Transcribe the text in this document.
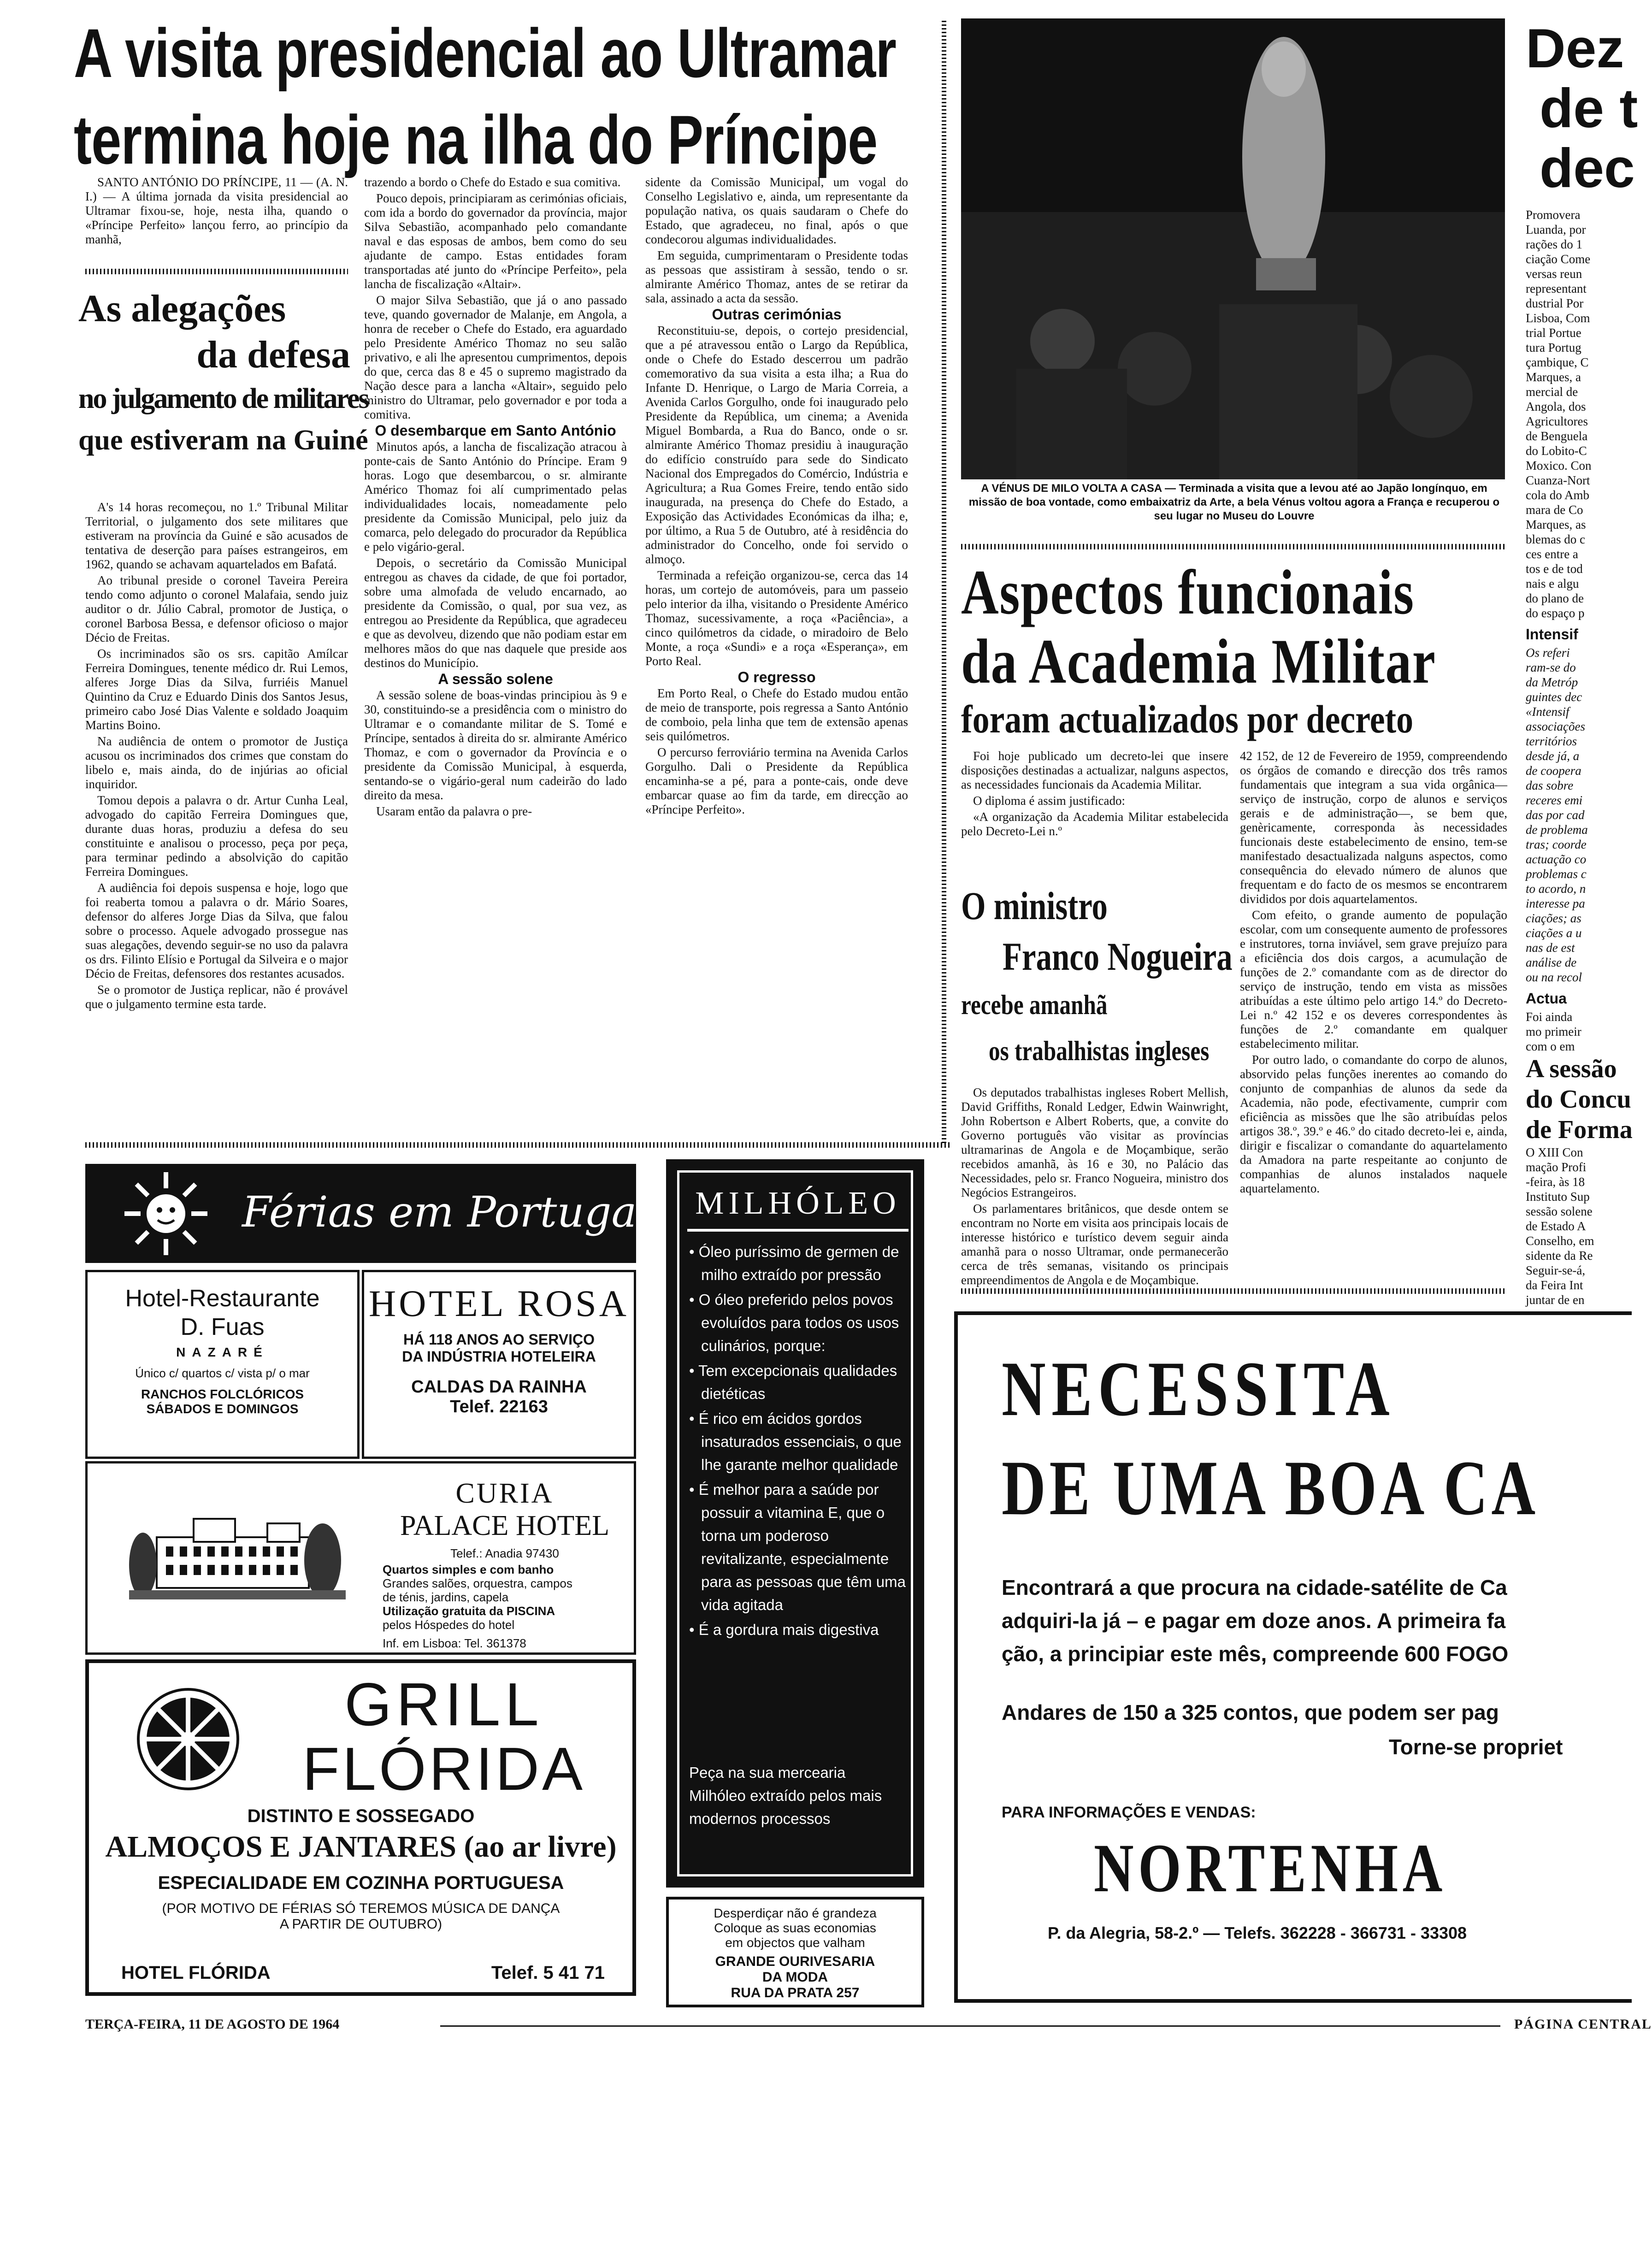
A visita presidencial ao Ultramar
termina hoje na ilha do Príncipe

SANTO ANTÓNIO DO PRÍNCIPE, 11 — (A. N. I.) — A última jornada da visita presidencial ao Ultramar fixou-se, hoje, nesta ilha, quando o «Príncipe Perfeito» lançou ferro, ao princípio da manhã,

trazendo a bordo o Chefe do Estado e sua comitiva.

Pouco depois, principiaram as cerimónias oficiais, com ida a bordo do governador da província, major Silva Sebastião, acompanhado pelo comandante naval e das esposas de ambos, bem como do seu ajudante de campo. Estas entidades foram transportadas até junto do «Príncipe Perfeito», pela lancha de fiscalização «Altair».

O major Silva Sebastião, que já o ano passado teve, quando governador de Malanje, em Angola, a honra de receber o Chefe do Estado, era aguardado pelo Presidente Américo Thomaz no seu salão privativo, e ali lhe apresentou cumprimentos, depois do que, cerca das 8 e 45 o supremo magistrado da Nação desce para a lancha «Altair», seguido pelo ministro do Ultramar, pelo governador e por toda a comitiva.

O desembarque em Santo António

Minutos após, a lancha de fiscalização atracou à ponte-cais de Santo António do Príncipe. Eram 9 horas. Logo que desembarcou, o sr. almirante Américo Thomaz foi alí cumprimentado pelas individualidades locais, nomeadamente pelo presidente da Comissão Municipal, pelo juiz da comarca, pelo delegado do procurador da República e pelo vigário-geral.

Depois, o secretário da Comissão Municipal entregou as chaves da cidade, de que foi portador, sobre uma almofada de veludo encarnado, ao presidente da Comissão, o qual, por sua vez, as entregou ao Presidente da República, que agradeceu e que as devolveu, dizendo que não podiam estar em melhores mãos do que nas daquele que preside aos destinos do Município.

A sessão solene

A sessão solene de boas-vindas principiou às 9 e 30, constituindo-se a presidência com o ministro do Ultramar e o comandante militar de S. Tomé e Príncipe, sentados à direita do sr. almirante Américo Thomaz, e com o governador da Província e o presidente da Comissão Municipal, à esquerda, sentando-se o vigário-geral num cadeirão do lado direito da mesa.

Usaram então da palavra o pre-

sidente da Comissão Municipal, um vogal do Conselho Legislativo e, ainda, um representante da população nativa, os quais saudaram o Chefe do Estado, que agradeceu, no final, após o que condecorou algumas individualidades.

Em seguida, cumprimentaram o Presidente todas as pessoas que assistiram à sessão, tendo o sr. almirante Américo Thomaz, antes de se retirar da sala, assinado a acta da sessão.

Outras cerimónias

Reconstituiu-se, depois, o cortejo presidencial, que a pé atravessou então o Largo da República, onde o Chefe do Estado descerrou um padrão comemorativo da sua visita a esta ilha; a Rua do Infante D. Henrique, o Largo de Maria Correia, a Avenida Carlos Gorgulho, onde foi inaugurado pelo Presidente da República, um cinema; a Avenida Miguel Bombarda, a Rua do Banco, onde o sr. almirante Américo Thomaz presidiu à inauguração do edifício construído para sede do Sindicato Nacional dos Empregados do Comércio, Indústria e Agricultura; a Rua Gomes Freire, tendo então sido inaugurada, na presença do Chefe do Estado, a Exposição das Actividades Económicas da ilha; e, por último, a Rua 5 de Outubro, até à residência do administrador do Concelho, onde foi servido o almoço.

Terminada a refeição organizou-se, cerca das 14 horas, um cortejo de automóveis, para um passeio pelo interior da ilha, visitando o Presidente Américo Thomaz, sucessivamente, a roça «Paciência», a cinco quilómetros da cidade, o miradoiro de Belo Monte, a roça «Sundi» e a roça «Esperança», em Porto Real.

O regresso

Em Porto Real, o Chefe do Estado mudou então de meio de transporte, pois regressa a Santo António de comboio, pela linha que tem de extensão apenas seis quilómetros.

O percurso ferroviário termina na Avenida Carlos Gorgulho. Dali o Presidente da República encaminha-se a pé, para a ponte-cais, onde deve embarcar quase ao fim da tarde, em direcção ao «Príncipe Perfeito».

As alegações
da defesa
no julgamento de militares
que estiveram na Guiné

A's 14 horas recomeçou, no 1.º Tribunal Militar Territorial, o julgamento dos sete militares que estiveram na província da Guiné e são acusados de tentativa de deserção para países estrangeiros, em 1962, quando se achavam aquartelados em Bafatá.

Ao tribunal preside o coronel Taveira Pereira tendo como adjunto o coronel Malafaia, sendo juiz auditor o dr. Júlio Cabral, promotor de Justiça, o coronel Barbosa Bessa, e defensor oficioso o major Décio de Freitas.

Os incriminados são os srs. capitão Amílcar Ferreira Domingues, tenente médico dr. Rui Lemos, alferes Jorge Dias da Silva, furriéis Manuel Quintino da Cruz e Eduardo Dinis dos Santos Jesus, primeiro cabo José Dias Valente e soldado Joaquim Martins Boino.

Na audiência de ontem o promotor de Justiça acusou os incriminados dos crimes que constam do libelo e, mais ainda, do de injúrias ao oficial inquiridor.

Tomou depois a palavra o dr. Artur Cunha Leal, advogado do capitão Ferreira Domingues que, durante duas horas, produziu a defesa do seu constituinte e analisou o processo, peça por peça, para terminar pedindo a absolvição do capitão Ferreira Domingues.

A audiência foi depois suspensa e hoje, logo que foi reaberta tomou a palavra o dr. Mário Soares, defensor do alferes Jorge Dias da Silva, que falou sobre o processo. Aquele advogado prossegue nas suas alegações, devendo seguir-se no uso da palavra os drs. Filinto Elísio e Portugal da Silveira e o major Décio de Freitas, defensores dos restantes acusados.

Se o promotor de Justiça replicar, não é provável que o julgamento termine esta tarde.

A VÉNUS DE MILO VOLTA A CASA — Terminada a visita que a levou até ao Japão longínquo, em missão de boa vontade, como embaixatriz da Arte, a bela Vénus voltou agora a França e recuperou o seu lugar no Museu do Louvre
Aspectos funcionais
da Academia Militar
foram actualizados por decreto

Foi hoje publicado um decreto-lei que insere disposições destinadas a actualizar, nalguns aspectos, as necessidades funcionais da Academia Militar.

O diploma é assim justificado:

«A organização da Academia Militar estabelecida pelo Decreto-Lei n.º

42 152, de 12 de Fevereiro de 1959, compreendendo os órgãos de comando e direcção dos três ramos fundamentais que integram a sua vida orgânica—serviço de instrução, corpo de alunos e serviços gerais e de administração—, se bem que, genèricamente, corresponda às necessidades funcionais deste estabelecimento de ensino, tem-se manifestado desactualizada nalguns aspectos, como consequência do elevado número de alunos que frequentam e do facto de os mesmos se encontrarem divididos por dois aquartelamentos.

Com efeito, o grande aumento de população escolar, com um consequente aumento de professores e instrutores, torna inviável, sem grave prejuízo para a eficiência dos dois cargos, a acumulação de funções de 2.º comandante com as de director do serviço de instrução, tendo em vista as missões atribuídas a este último pelo artigo 14.º do Decreto-Lei n.º 42 152 e os deveres correspondentes às funções de 2.º comandante em qualquer estabelecimento militar.

Por outro lado, o comandante do corpo de alunos, absorvido pelas funções inerentes ao comando do conjunto de companhias de alunos da sede da Academia, não pode, efectivamente, cumprir com eficiência as missões que lhe são atribuídas pelos artigos 38.º, 39.º e 46.º do citado decreto-lei e, ainda, dirigir e fiscalizar o comandante do aquartelamento da Amadora na parte respeitante ao conjunto de companhias de alunos instalados naquele aquartelamento.

O ministro
Franco Nogueira
recebe amanhã
os trabalhistas ingleses

Os deputados trabalhistas ingleses Robert Mellish, David Griffiths, Ronald Ledger, Edwin Wainwright, John Robertson e Albert Roberts, que, a convite do Governo português vão visitar as províncias ultramarinas de Angola e de Moçambique, serão recebidos amanhã, às 16 e 30, no Palácio das Necessidades, pelo sr. Franco Nogueira, ministro dos Negócios Estrangeiros.

Os parlamentares britânicos, que desde ontem se encontram no Norte em visita aos principais locais de interesse histórico e turístico devem seguir ainda amanhã para o nosso Ultramar, onde permanecerão cerca de três semanas, visitando os principais empreendimentos de Angola e de Moçambique.

Dez
de t
dec
Promovera
Luanda, por
rações do 1
ciação Come
versas reun
representant
dustrial Por
Lisboa, Com
trial Portue
tura Portug
çambique, C
Marques, a
mercial de
Angola, dos
Agricultores
de Benguela
do Lobito-C
Moxico. Con
Cuanza-Nort
cola do Amb
mara de Co
Marques, as
blemas do c
ces entre a
tos e de tod
nais e algu
do plano de
do espaço p
Intensif
Os referi
ram-se do
da Metróp
guintes dec
«Intensif
associações
territórios
desde já, a
de coopera
das sobre
receres emi
das por cad
de problema
tras; coorde
actuação co
problemas c
to acordo, n
interesse pa
ciações; as
ciações a u
nas de est
análise de
ou na recol
Actua
Foi ainda
mo primeir
com o em
A sessão
do Concu
de Forma
O XIII Con
mação Profi
-feira, às 18
Instituto Sup
sessão solene
de Estado A
Conselho, em
sidente da Re
Seguir-se-á,
da Feira Int
juntar de en
Férias em Portugal
Hotel-Restaurante
D. Fuas
NAZARÉ
Único c/ quartos c/ vista p/ o mar
RANCHOS FOLCLÓRICOS
SÁBADOS E DOMINGOS
HOTEL ROSA
HÁ 118 ANOS AO SERVIÇO
DA INDÚSTRIA HOTELEIRA
CALDAS DA RAINHA
Telef. 22163
CURIA
PALACE HOTEL
Telef.: Anadia 97430
Quartos simples e com banho
Grandes salões, orquestra, campos
de ténis, jardins, capela
Utilização gratuita da PISCINA
pelos Hóspedes do hotel
Inf. em Lisboa: Tel. 361378
GRILL
FLÓRIDA
DISTINTO E SOSSEGADO
ALMOÇOS E JANTARES (ao ar livre)
ESPECIALIDADE EM COZINHA PORTUGUESA
(POR MOTIVO DE FÉRIAS SÓ TEREMOS MÚSICA DE DANÇA
A PARTIR DE OUTUBRO)
HOTEL FLÓRIDA	Telef. 5 41 71
MILHÓLEO
• Óleo puríssimo de germen de milho extraído por pressão
• O óleo preferido pelos povos evoluídos para todos os usos culinários, porque:
• Tem excepcionais qualidades dietéticas
• É rico em ácidos gordos insaturados essenciais, o que lhe garante melhor qualidade
• É melhor para a saúde por possuir a vitamina E, que o torna um poderoso revitalizante, especialmente para as pessoas que têm uma vida agitada
• É a gordura mais digestiva
Peça na sua mercearia Milhóleo extraído pelos mais modernos processos
Desperdiçar não é grandeza
Coloque as suas economias
em objectos que valham
GRANDE OURIVESARIA
DA MODA
RUA DA PRATA 257
NECESSITA
DE UMA BOA CA
Encontrará a que procura na cidade-satélite de Ca
adquiri-la já – e pagar em doze anos. A primeira fa
ção, a principiar este mês, compreende 600 FOGO
Andares de 150 a 325 contos, que podem ser pag
Torne-se propriet
PARA INFORMAÇÕES E VENDAS:
NORTENHA
P. da Alegria, 58-2.º — Telefs. 362228 - 366731 - 33308
TERÇA-FEIRA, 11 DE AGOSTO DE 1964	PÁGINA CENTRAL
